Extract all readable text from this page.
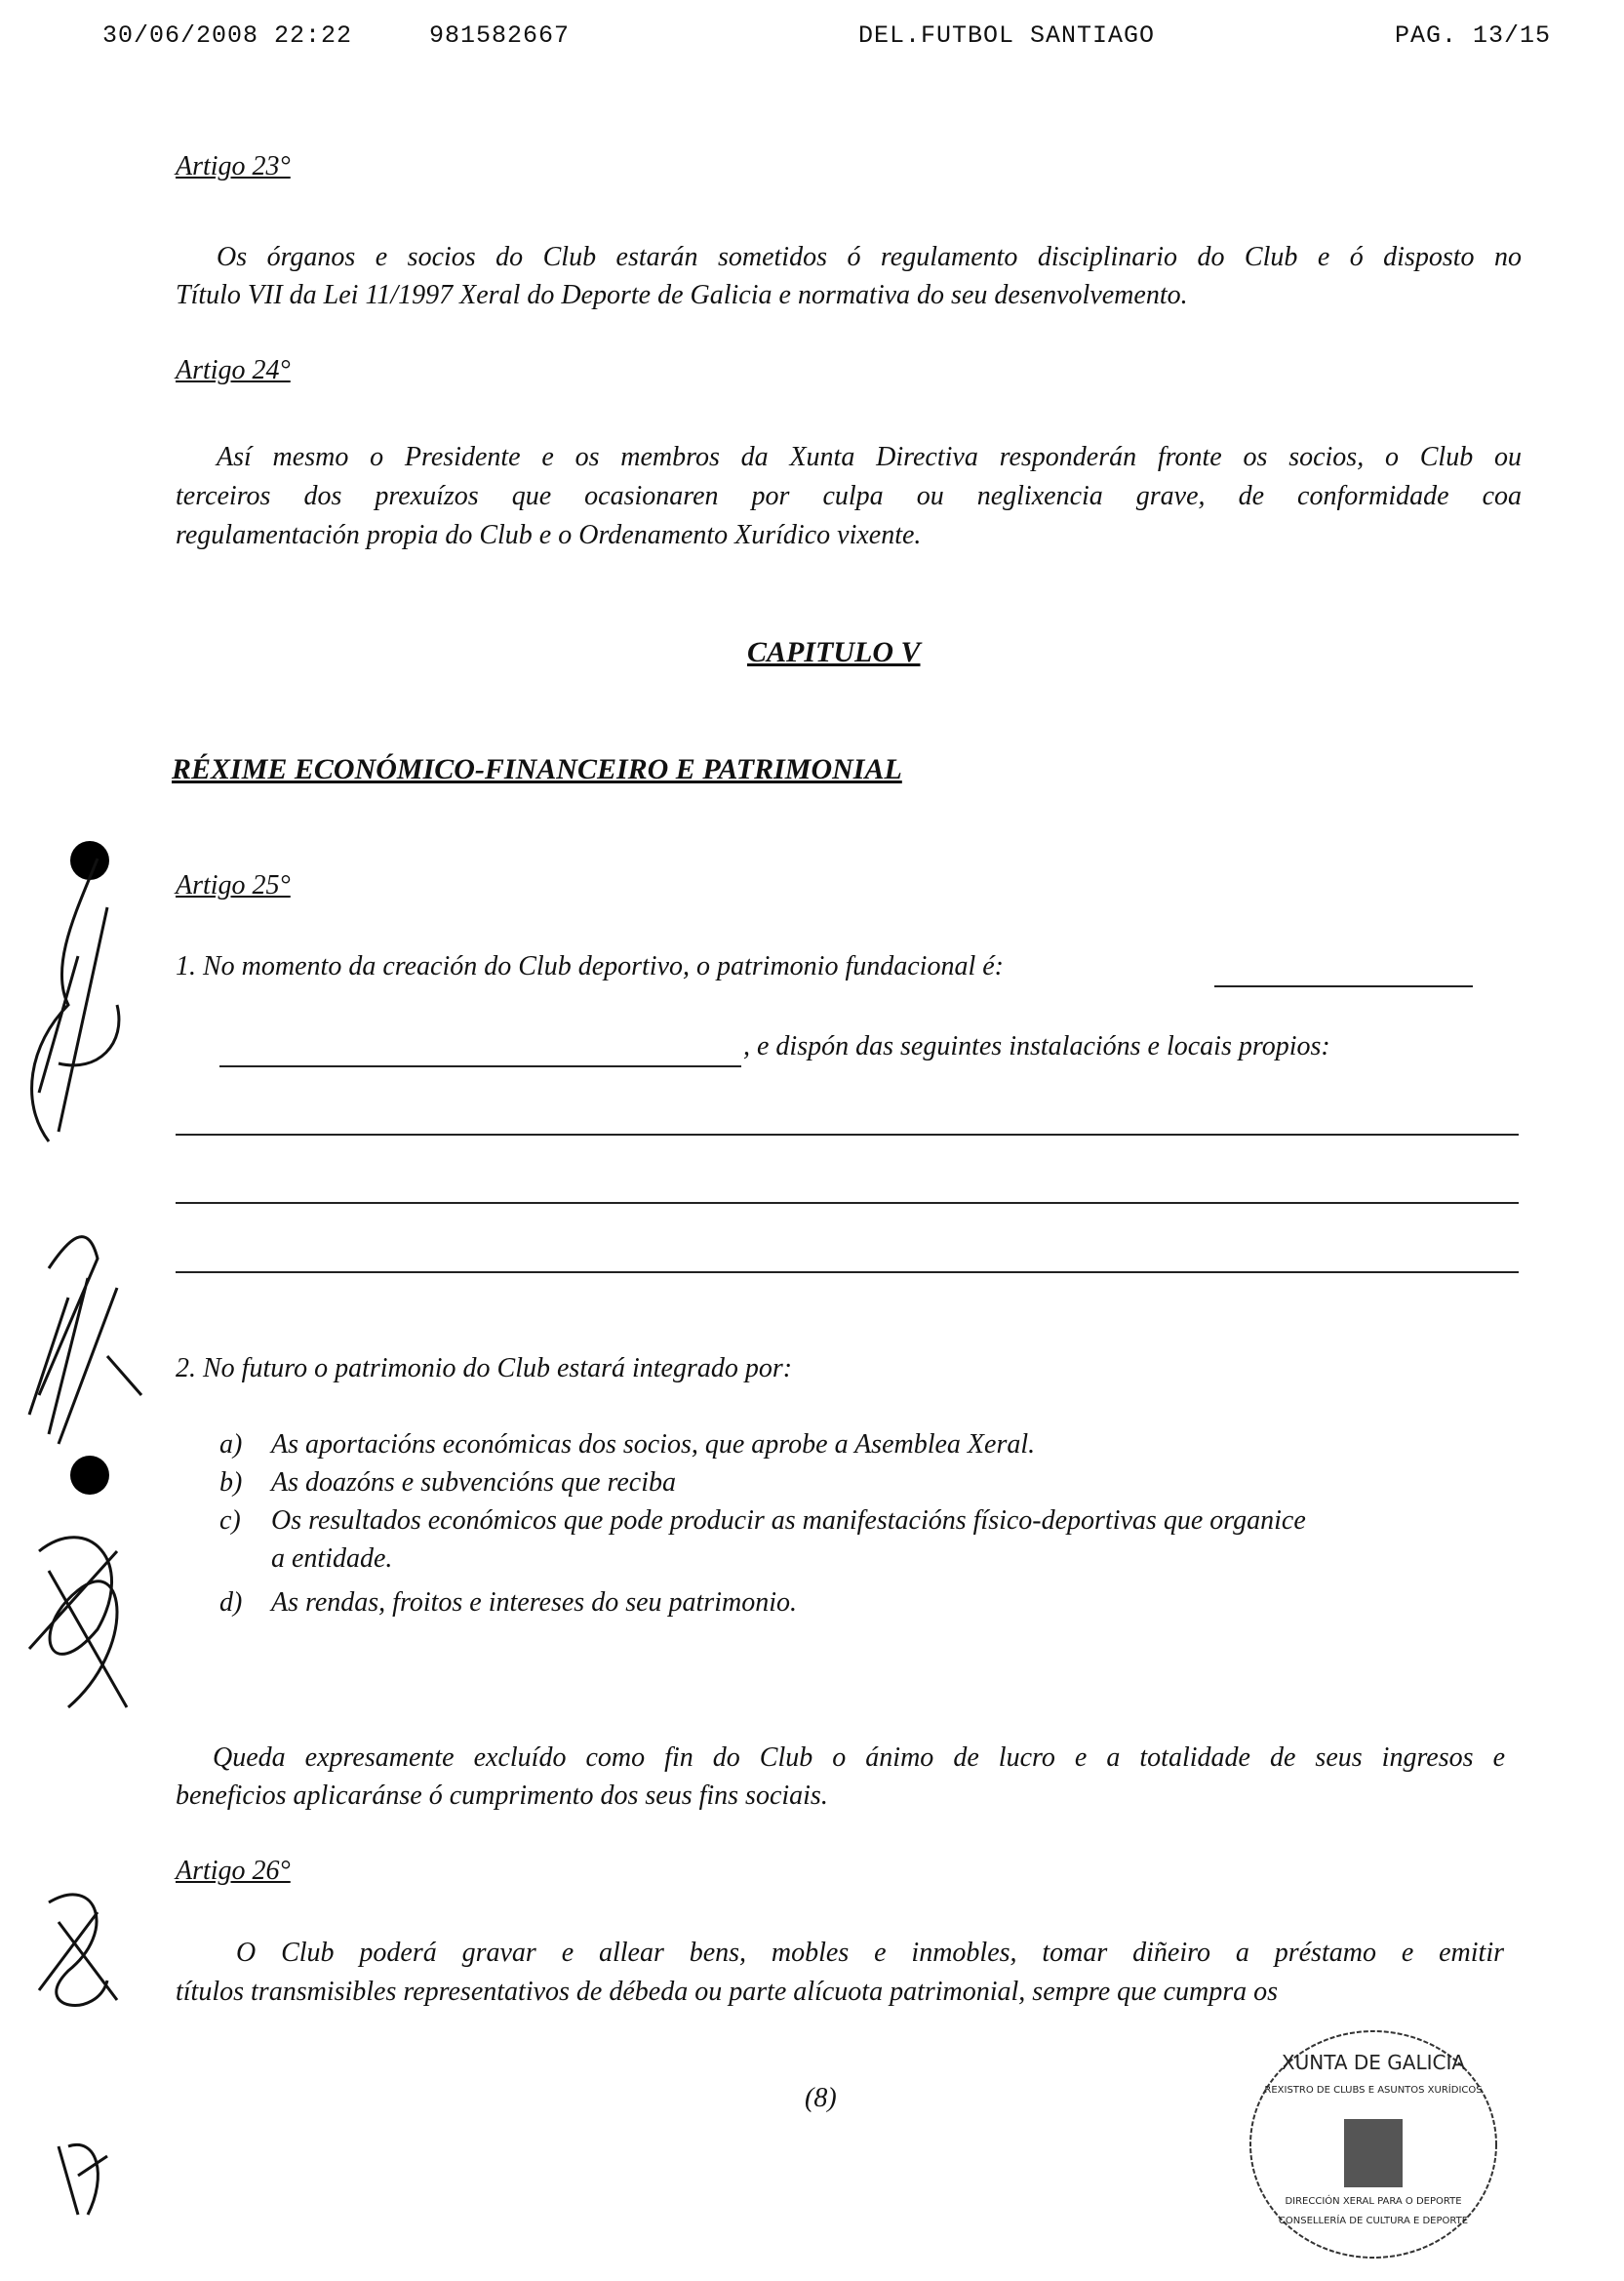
30/06/2008 22:22	981582667	DEL.FUTBOL SANTIAGO	PAG. 13/15
Artigo 23°
Os órganos e socios do Club estarán sometidos ó regulamento disciplinario do Club e ó disposto no
Título VII da Lei 11/1997 Xeral do Deporte de Galicia e normativa do seu desenvolvemento.
Artigo 24°
Así mesmo o Presidente e os membros da Xunta Directiva responderán fronte os socios, o Club ou
terceiros dos prexuízos que ocasionaren por culpa ou neglixencia grave, de conformidade coa
regulamentación propia do Club e o Ordenamento Xurídico vixente.
CAPITULO V
RÉXIME ECONÓMICO-FINANCEIRO E PATRIMONIAL
Artigo 25°
1. No momento da creación do Club deportivo, o patrimonio fundacional é:
, e dispón das seguintes instalacións e locais propios:
2. No futuro o patrimonio do Club estará integrado por:
a) As aportacións económicas dos socios, que aprobe a Asemblea Xeral.
b) As doazóns e subvencións que reciba
c) Os resultados económicos que pode producir as manifestacións físico-deportivas que organice
a entidade.
d) As rendas, froitos e intereses do seu patrimonio.
Queda expresamente excluído como fin do Club o ánimo de lucro e a totalidade de seus ingresos e
beneficios aplicaránse ó cumprimento dos seus fins sociais.
Artigo 26°
O Club poderá gravar e allear bens, mobles e inmobles, tomar diñeiro a préstamo e emitir
títulos transmisibles representativos de débeda ou parte alícuota patrimonial, sempre que cumpra os
(8)
XUNTA DE GALICIA
REXISTRO DE CLUBS E ASUNTOS XURÍDICOS
DIRECCIÓN XERAL PARA O DEPORTE
CONSELLERÍA DE CULTURA E DEPORTE
